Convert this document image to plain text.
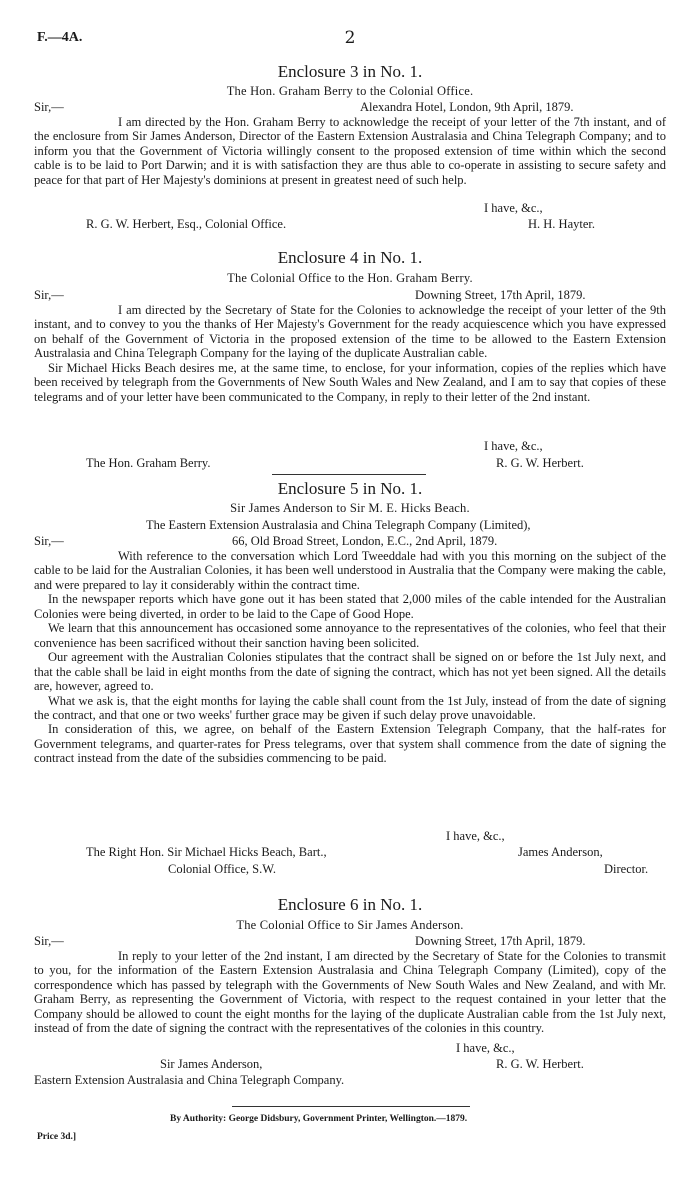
F.—4A.	2
Enclosure 3 in No. 1.
The Hon. Graham Berry to the Colonial Office.
Sir,—	Alexandra Hotel, London, 9th April, 1879.

I am directed by the Hon. Graham Berry to acknowledge the receipt of your letter of the 7th instant, and of the enclosure from Sir James Anderson, Director of the Eastern Extension Australasia and China Telegraph Company; and to inform you that the Government of Victoria willingly consent to the proposed extension of time within which the second cable is to be laid to Port Darwin; and it is with satisfaction they are thus able to co-operate in assisting to secure safety and peace for that part of Her Majesty's dominions at present in greatest need of such help.

I have, &c.,
R. G. W. Herbert, Esq., Colonial Office.	H. H. Hayter.
Enclosure 4 in No. 1.
The Colonial Office to the Hon. Graham Berry.
Sir,—	Downing Street, 17th April, 1879.

I am directed by the Secretary of State for the Colonies to acknowledge the receipt of your letter of the 9th instant, and to convey to you the thanks of Her Majesty's Government for the ready acquiescence which you have expressed on behalf of the Government of Victoria in the proposed extension of the time to be allowed to the Eastern Extension Australasia and China Telegraph Company for the laying of the duplicate Australian cable.

Sir Michael Hicks Beach desires me, at the same time, to enclose, for your information, copies of the replies which have been received by telegraph from the Governments of New South Wales and New Zealand, and I am to say that copies of these telegrams and of your letter have been communicated to the Company, in reply to their letter of the 2nd instant.

I have, &c.,
The Hon. Graham Berry.	R. G. W. Herbert.
Enclosure 5 in No. 1.
Sir James Anderson to Sir M. E. Hicks Beach.
The Eastern Extension Australasia and China Telegraph Company (Limited),
Sir,—	66, Old Broad Street, London, E.C., 2nd April, 1879.

With reference to the conversation which Lord Tweeddale had with you this morning on the subject of the cable to be laid for the Australian Colonies, it has been well understood in Australia that the Company were making the cable, and were prepared to lay it considerably within the contract time.

In the newspaper reports which have gone out it has been stated that 2,000 miles of the cable intended for the Australian Colonies were being diverted, in order to be laid to the Cape of Good Hope.

We learn that this announcement has occasioned some annoyance to the representatives of the colonies, who feel that their convenience has been sacrificed without their sanction having been solicited.

Our agreement with the Australian Colonies stipulates that the contract shall be signed on or before the 1st July next, and that the cable shall be laid in eight months from the date of signing the contract, which has not yet been signed. All the details are, however, agreed to.

What we ask is, that the eight months for laying the cable shall count from the 1st July, instead of from the date of signing the contract, and that one or two weeks' further grace may be given if such delay prove unavoidable.

In consideration of this, we agree, on behalf of the Eastern Extension Telegraph Company, that the half-rates for Government telegrams, and quarter-rates for Press telegrams, over that system shall commence from the date of signing the contract instead from the date of the subsidies commencing to be paid.

I have, &c.,
The Right Hon. Sir Michael Hicks Beach, Bart.,	James Anderson,
Colonial Office, S.W.	Director.
Enclosure 6 in No. 1.
The Colonial Office to Sir James Anderson.
Sir,—	Downing Street, 17th April, 1879.

In reply to your letter of the 2nd instant, I am directed by the Secretary of State for the Colonies to transmit to you, for the information of the Eastern Extension Australasia and China Telegraph Company (Limited), copy of the correspondence which has passed by telegraph with the Governments of New South Wales and New Zealand, and with Mr. Graham Berry, as representing the Government of Victoria, with respect to the request contained in your letter that the Company should be allowed to count the eight months for the laying of the duplicate Australian cable from the 1st July next, instead of from the date of signing the contract with the representatives of the colonies in this country.

I have, &c.,
Sir James Anderson,	R. G. W. Herbert.
Eastern Extension Australasia and China Telegraph Company.
By Authority: George Didsbury, Government Printer, Wellington.—1879.
Price 3d.]
